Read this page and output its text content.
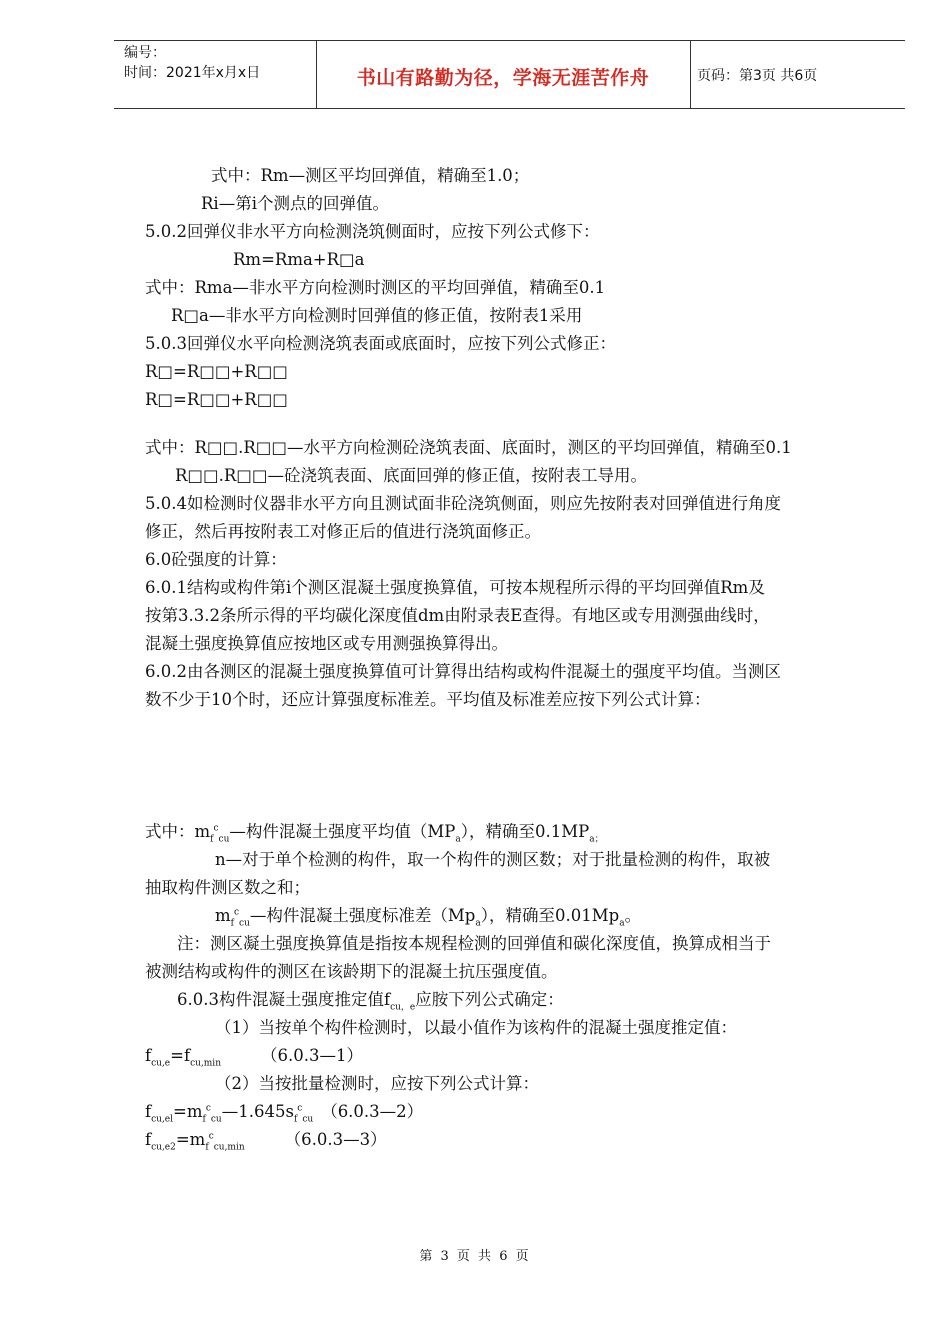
编号：
时间：2021年x月x日	书山有路勤为径，学海无涯苦作舟	页码：第3页 共6页
式中：Rm—测区平均回弹值，精确至1.0；
Ri—第i个测点的回弹值。
5.0.2回弹仪非水平方向检测浇筑侧面时，应按下列公式修下：
Rm=Rma+R□a
式中：Rma—非水平方向检测时测区的平均回弹值，精确至0.1
R□a—非水平方向检测时回弹值的修正值，按附表1采用
5.0.3回弹仪水平向检测浇筑表面或底面时，应按下列公式修正：
R□=R□□+R□□
R□=R□□+R□□
式中：R□□.R□□—水平方向检测砼浇筑表面、底面时，测区的平均回弹值，精确至0.1
R□□.R□□—砼浇筑表面、底面回弹的修正值，按附表工导用。
5.0.4如检测时仪器非水平方向且测试面非砼浇筑侧面，则应先按附表对回弹值进行角度
修正，然后再按附表工对修正后的值进行浇筑面修正。
6.0砼强度的计算：
6.0.1结构或构件第i个测区混凝土强度换算值，可按本规程所示得的平均回弹值Rm及
按第3.3.2条所示得的平均碳化深度值dm由附录表E查得。有地区或专用测强曲线时，
混凝土强度换算值应按地区或专用测强换算得出。
6.0.2由各测区的混凝土强度换算值可计算得出结构或构件混凝土的强度平均值。当测区
数不少于10个时，还应计算强度标准差。平均值及标准差应按下列公式计算：
式中：$m_f^c_{cu}—$构件混凝土强度平均值$(MP_a)$，精确至$0.1MP_{a;}$
n—对于单个检测的构件，取一个构件的测区数；对于批量检测的构件，取被
抽取构件测区数之和；
$m_f^c_{cu}—$构件混凝土强度标准差$(Mp_a)$，精确至$0.01Mp_a$。
注：测区凝土强度换算值是指按本规程检测的回弹值和碳化深度值，换算成相当于
被测结构或构件的测区在该龄期下的混凝土抗压强度值。
6.0.3构件混凝土强度推定值$f_{cu,e}$应胺下列公式确定：
（1）当按单个构件检测时，以最小值作为该构件的混凝土强度推定值：
$f_{cu,e}=f_{cu,min}$ （6.0.3—1）
（2）当按批量检测时，应按下列公式计算：
$f_{cu,el}=m_f^c_{cu}—1.645s_f^c_{cu}$ （6.0.3—2）
$f_{cu,e2}=m_f^c_{cu,min}$ （6.0.3—3）
第 3 页 共 6 页
